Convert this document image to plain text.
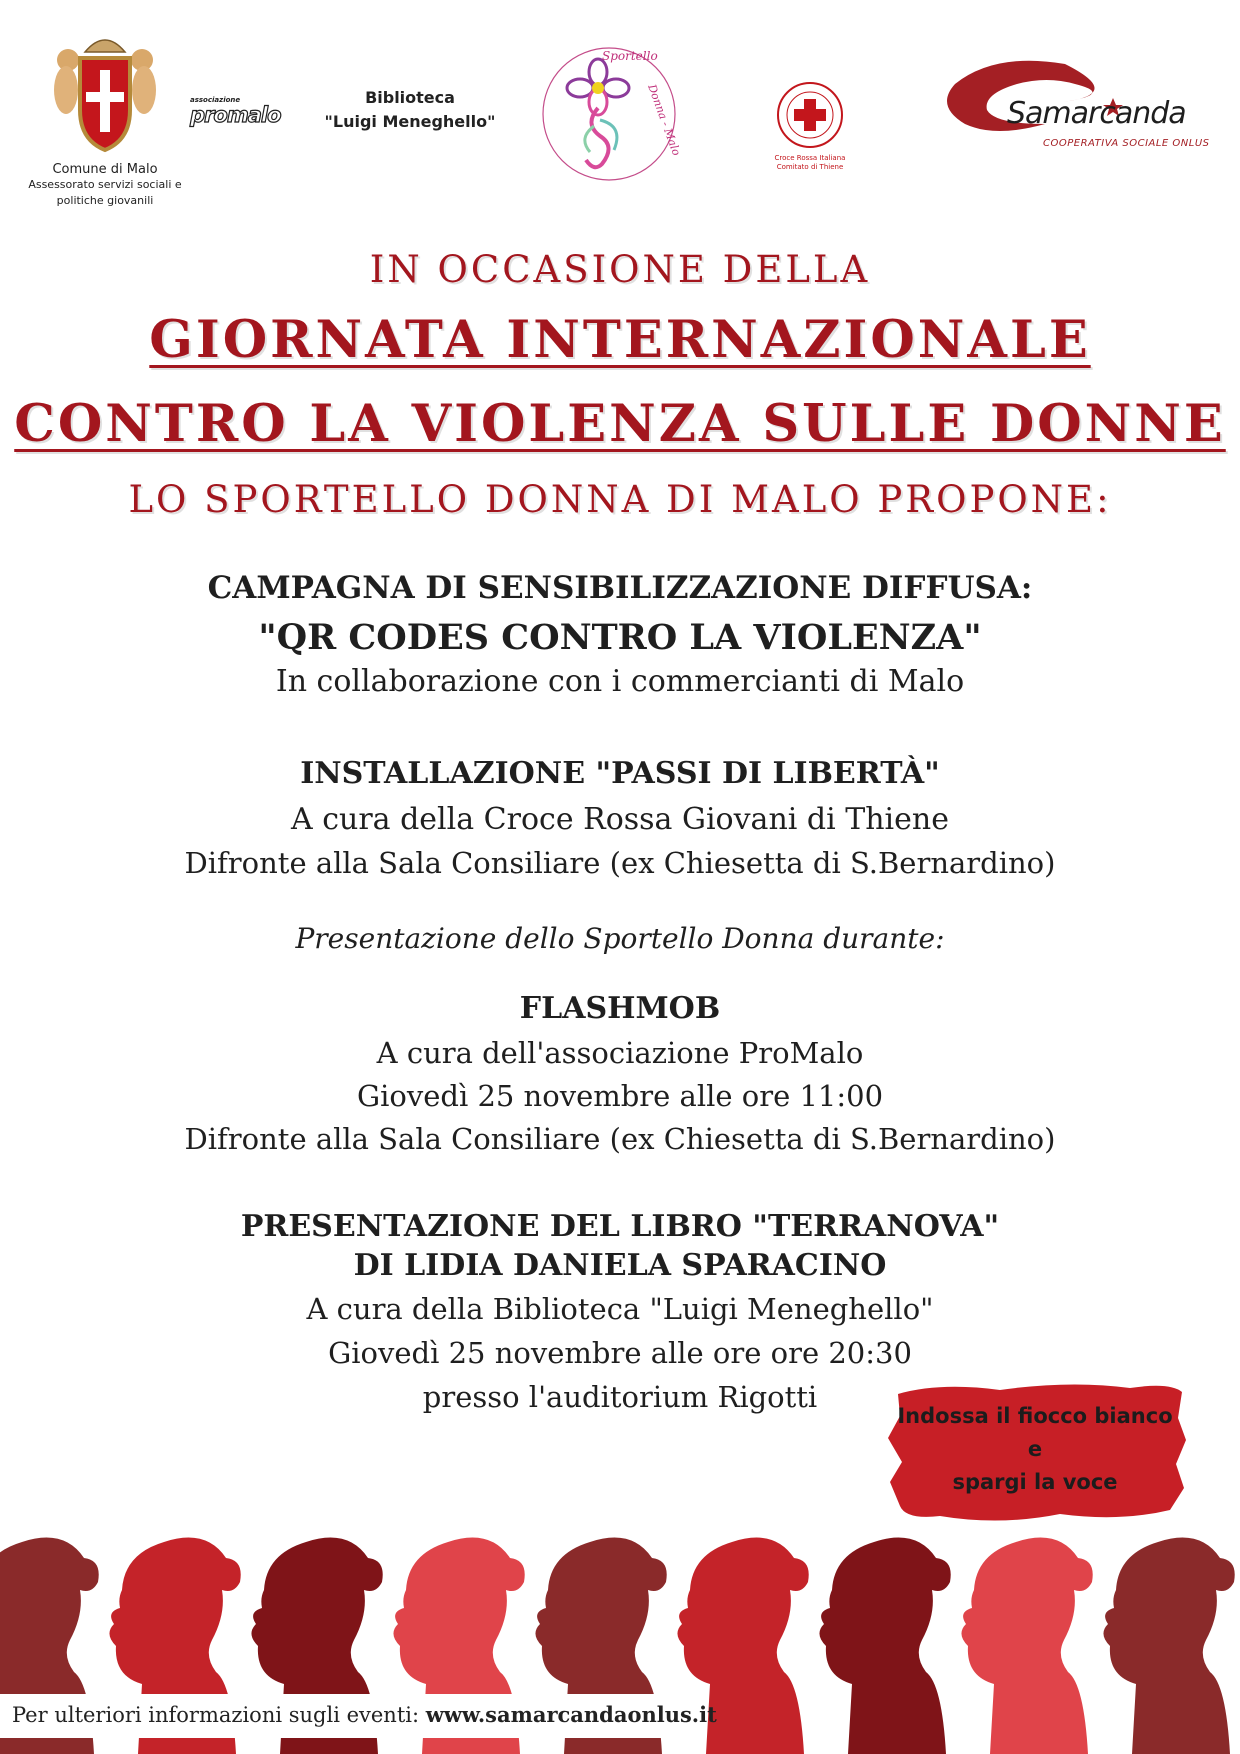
Comune di Malo
Assessorato servizi sociali e
politiche giovanili
associazione
promalo
Biblioteca
"Luigi Meneghello"
Sportello
Donna - Malo
Croce Rossa Italiana
Comitato di Thiene
Samarcanda
COOPERATIVA SOCIALE ONLUS
IN OCCASIONE DELLA
GIORNATA INTERNAZIONALE
CONTRO LA VIOLENZA SULLE DONNE
LO SPORTELLO DONNA DI MALO PROPONE:
CAMPAGNA DI SENSIBILIZZAZIONE DIFFUSA:
"QR CODES CONTRO LA VIOLENZA"
In collaborazione con i commercianti di Malo
INSTALLAZIONE "PASSI DI LIBERTÀ"
A cura della Croce Rossa Giovani di Thiene
Difronte alla Sala Consiliare (ex Chiesetta di S.Bernardino)
Presentazione dello Sportello Donna durante:
FLASHMOB
A cura dell'associazione ProMalo
Giovedì 25 novembre alle ore 11:00
Difronte alla Sala Consiliare (ex Chiesetta di S.Bernardino)
PRESENTAZIONE DEL LIBRO "TERRANOVA"
DI LIDIA DANIELA SPARACINO
A cura della Biblioteca "Luigi Meneghello"
Giovedì 25 novembre alle ore ore 20:30
presso l'auditorium Rigotti
Indossa il fiocco bianco
e
spargi la voce
Per ulteriori informazioni sugli eventi: www.samarcandaonlus.it
